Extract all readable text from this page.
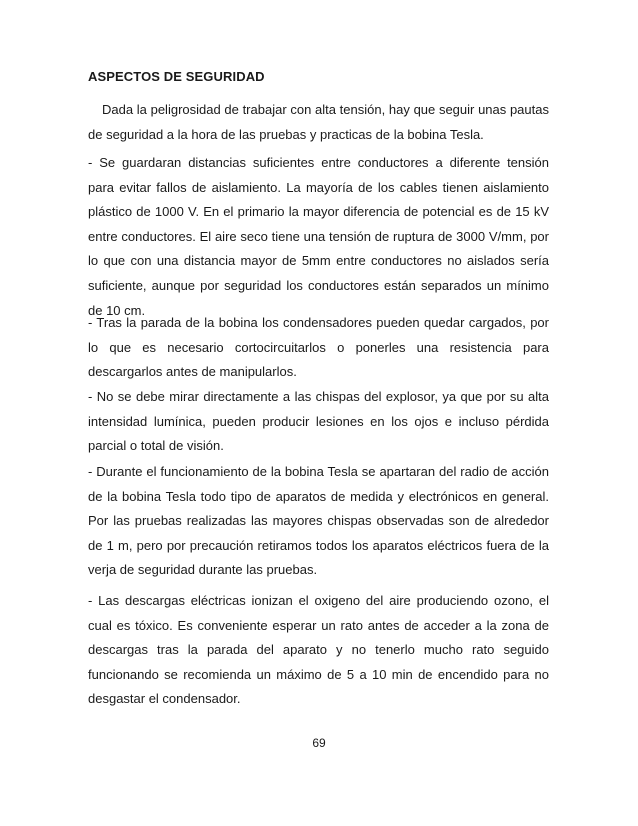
ASPECTOS DE SEGURIDAD

Dada la peligrosidad de trabajar con alta tensión, hay que seguir unas pautas de seguridad a la hora de las pruebas y practicas de la bobina Tesla.

- Se guardaran distancias suficientes entre conductores a diferente tensión para evitar fallos de aislamiento. La mayoría de los cables tienen aislamiento plástico de 1000 V. En el primario la mayor diferencia de potencial es de 15 kV entre conductores. El aire seco tiene una tensión de ruptura de 3000 V/mm, por lo que con una distancia mayor de 5mm entre conductores no aislados sería suficiente, aunque por seguridad los conductores están separados un mínimo de 10 cm.

- Tras la parada de la bobina los condensadores pueden quedar cargados, por lo que es necesario cortocircuitarlos o ponerles una resistencia para descargarlos antes de manipularlos.

- No se debe mirar directamente a las chispas del explosor, ya que por su alta intensidad lumínica, pueden producir lesiones en los ojos e incluso pérdida parcial o total de visión.

- Durante el funcionamiento de la bobina Tesla se apartaran del radio de acción de la bobina Tesla todo tipo de aparatos de medida y electrónicos en general. Por las pruebas realizadas las mayores chispas observadas son de alrededor de 1 m, pero por precaución retiramos todos los aparatos eléctricos fuera de la verja de seguridad durante las pruebas.

- Las descargas eléctricas ionizan el oxigeno del aire produciendo ozono, el cual es tóxico. Es conveniente esperar un rato antes de acceder a la zona de descargas tras la parada del aparato y no tenerlo mucho rato seguido funcionando se recomienda un máximo de 5 a 10 min de encendido para no desgastar el condensador.

69
